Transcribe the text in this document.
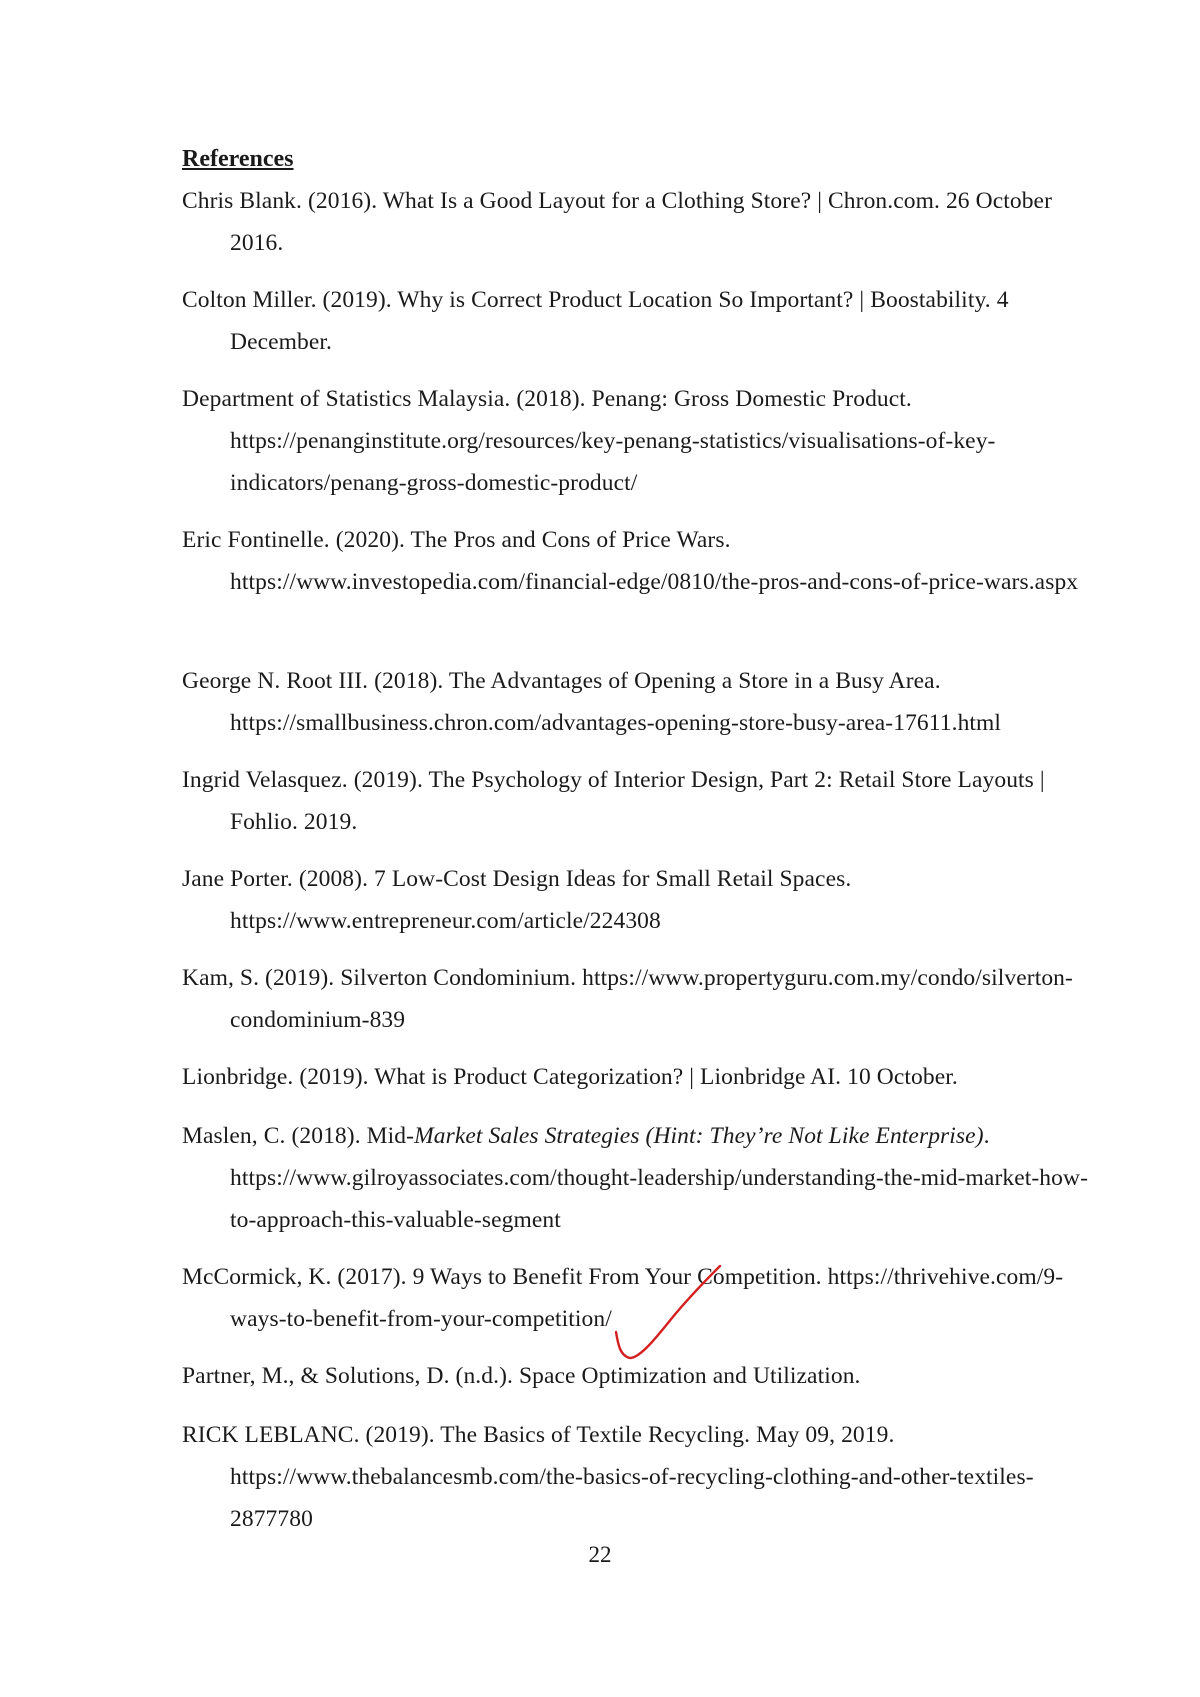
References
Chris Blank. (2016). What Is a Good Layout for a Clothing Store? | Chron.com. 26 October 2016.
Colton Miller. (2019). Why is Correct Product Location So Important? | Boostability. 4 December.
Department of Statistics Malaysia. (2018). Penang: Gross Domestic Product. https://penanginstitute.org/resources/key-penang-statistics/visualisations-of-key-indicators/penang-gross-domestic-product/
Eric Fontinelle. (2020). The Pros and Cons of Price Wars. https://www.investopedia.com/financial-edge/0810/the-pros-and-cons-of-price-wars.aspx
George N. Root III. (2018). The Advantages of Opening a Store in a Busy Area. https://smallbusiness.chron.com/advantages-opening-store-busy-area-17611.html
Ingrid Velasquez. (2019). The Psychology of Interior Design, Part 2: Retail Store Layouts | Fohlio. 2019.
Jane Porter. (2008). 7 Low-Cost Design Ideas for Small Retail Spaces. https://www.entrepreneur.com/article/224308
Kam, S. (2019). Silverton Condominium. https://www.propertyguru.com.my/condo/silverton-condominium-839
Lionbridge. (2019). What is Product Categorization? | Lionbridge AI. 10 October.
Maslen, C. (2018). Mid-Market Sales Strategies (Hint: They’re Not Like Enterprise). https://www.gilroyassociates.com/thought-leadership/understanding-the-mid-market-how-to-approach-this-valuable-segment
McCormick, K. (2017). 9 Ways to Benefit From Your Competition. https://thrivehive.com/9-ways-to-benefit-from-your-competition/
Partner, M., & Solutions, D. (n.d.). Space Optimization and Utilization.
RICK LEBLANC. (2019). The Basics of Textile Recycling. May 09, 2019. https://www.thebalancesmb.com/the-basics-of-recycling-clothing-and-other-textiles-2877780
22
